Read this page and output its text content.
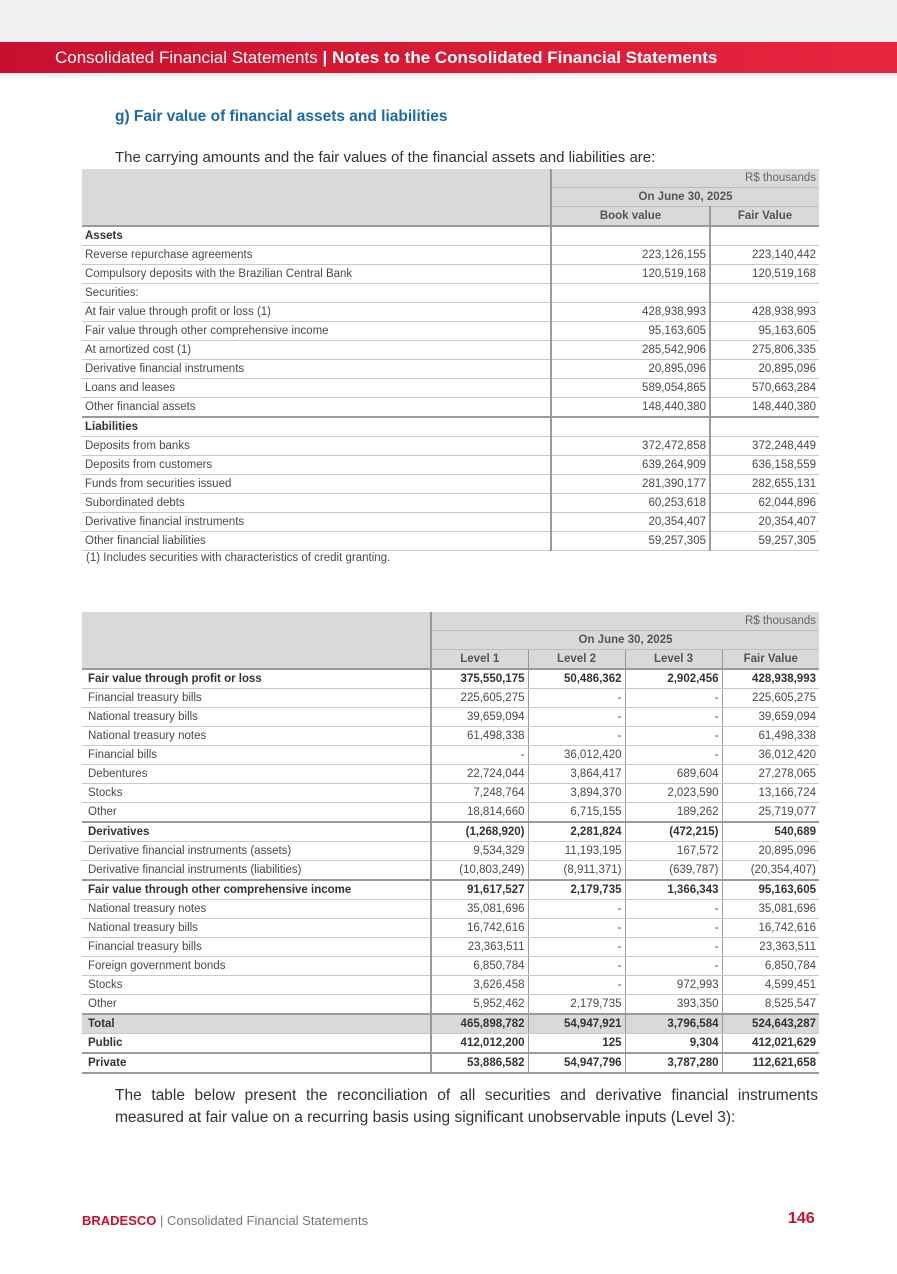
Consolidated Financial Statements | Notes to the Consolidated Financial Statements
g) Fair value of financial assets and liabilities
The carrying amounts and the fair values of the financial assets and liabilities are:
	R$ thousands	
	On June 30, 2025	
	Book value	Fair Value
Assets		
Reverse repurchase agreements	223,126,155	223,140,442
Compulsory deposits with the Brazilian Central Bank	120,519,168	120,519,168
Securities:		
At fair value through profit or loss (1)	428,938,993	428,938,993
Fair value through other comprehensive income	95,163,605	95,163,605
At amortized cost (1)	285,542,906	275,806,335
Derivative financial instruments	20,895,096	20,895,096
Loans and leases	589,054,865	570,663,284
Other financial assets	148,440,380	148,440,380
Liabilities		
Deposits from banks	372,472,858	372,248,449
Deposits from customers	639,264,909	636,158,559
Funds from securities issued	281,390,177	282,655,131
Subordinated debts	60,253,618	62,044,896
Derivative financial instruments	20,354,407	20,354,407
Other financial liabilities	59,257,305	59,257,305
(1) Includes securities with characteristics of credit granting.
	R$ thousands			
	On June 30, 2025			
	Level 1	Level 2	Level 3	Fair Value
Fair value through profit or loss	375,550,175	50,486,362	2,902,456	428,938,993
Financial treasury bills	225,605,275	-	-	225,605,275
National treasury bills	39,659,094	-	-	39,659,094
National treasury notes	61,498,338	-	-	61,498,338
Financial bills	-	36,012,420	-	36,012,420
Debentures	22,724,044	3,864,417	689,604	27,278,065
Stocks	7,248,764	3,894,370	2,023,590	13,166,724
Other	18,814,660	6,715,155	189,262	25,719,077
Derivatives	(1,268,920)	2,281,824	(472,215)	540,689
Derivative financial instruments (assets)	9,534,329	11,193,195	167,572	20,895,096
Derivative financial instruments (liabilities)	(10,803,249)	(8,911,371)	(639,787)	(20,354,407)
Fair value through other comprehensive income	91,617,527	2,179,735	1,366,343	95,163,605
National treasury notes	35,081,696	-	-	35,081,696
National treasury bills	16,742,616	-	-	16,742,616
Financial treasury bills	23,363,511	-	-	23,363,511
Foreign government bonds	6,850,784	-	-	6,850,784
Stocks	3,626,458	-	972,993	4,599,451
Other	5,952,462	2,179,735	393,350	8,525,547
Total	465,898,782	54,947,921	3,796,584	524,643,287
Public	412,012,200	125	9,304	412,021,629
Private	53,886,582	54,947,796	3,787,280	112,621,658
The table below present the reconciliation of all securities and derivative financial instruments measured at fair value on a recurring basis using significant unobservable inputs (Level 3):
BRADESCO | Consolidated Financial Statements	146
